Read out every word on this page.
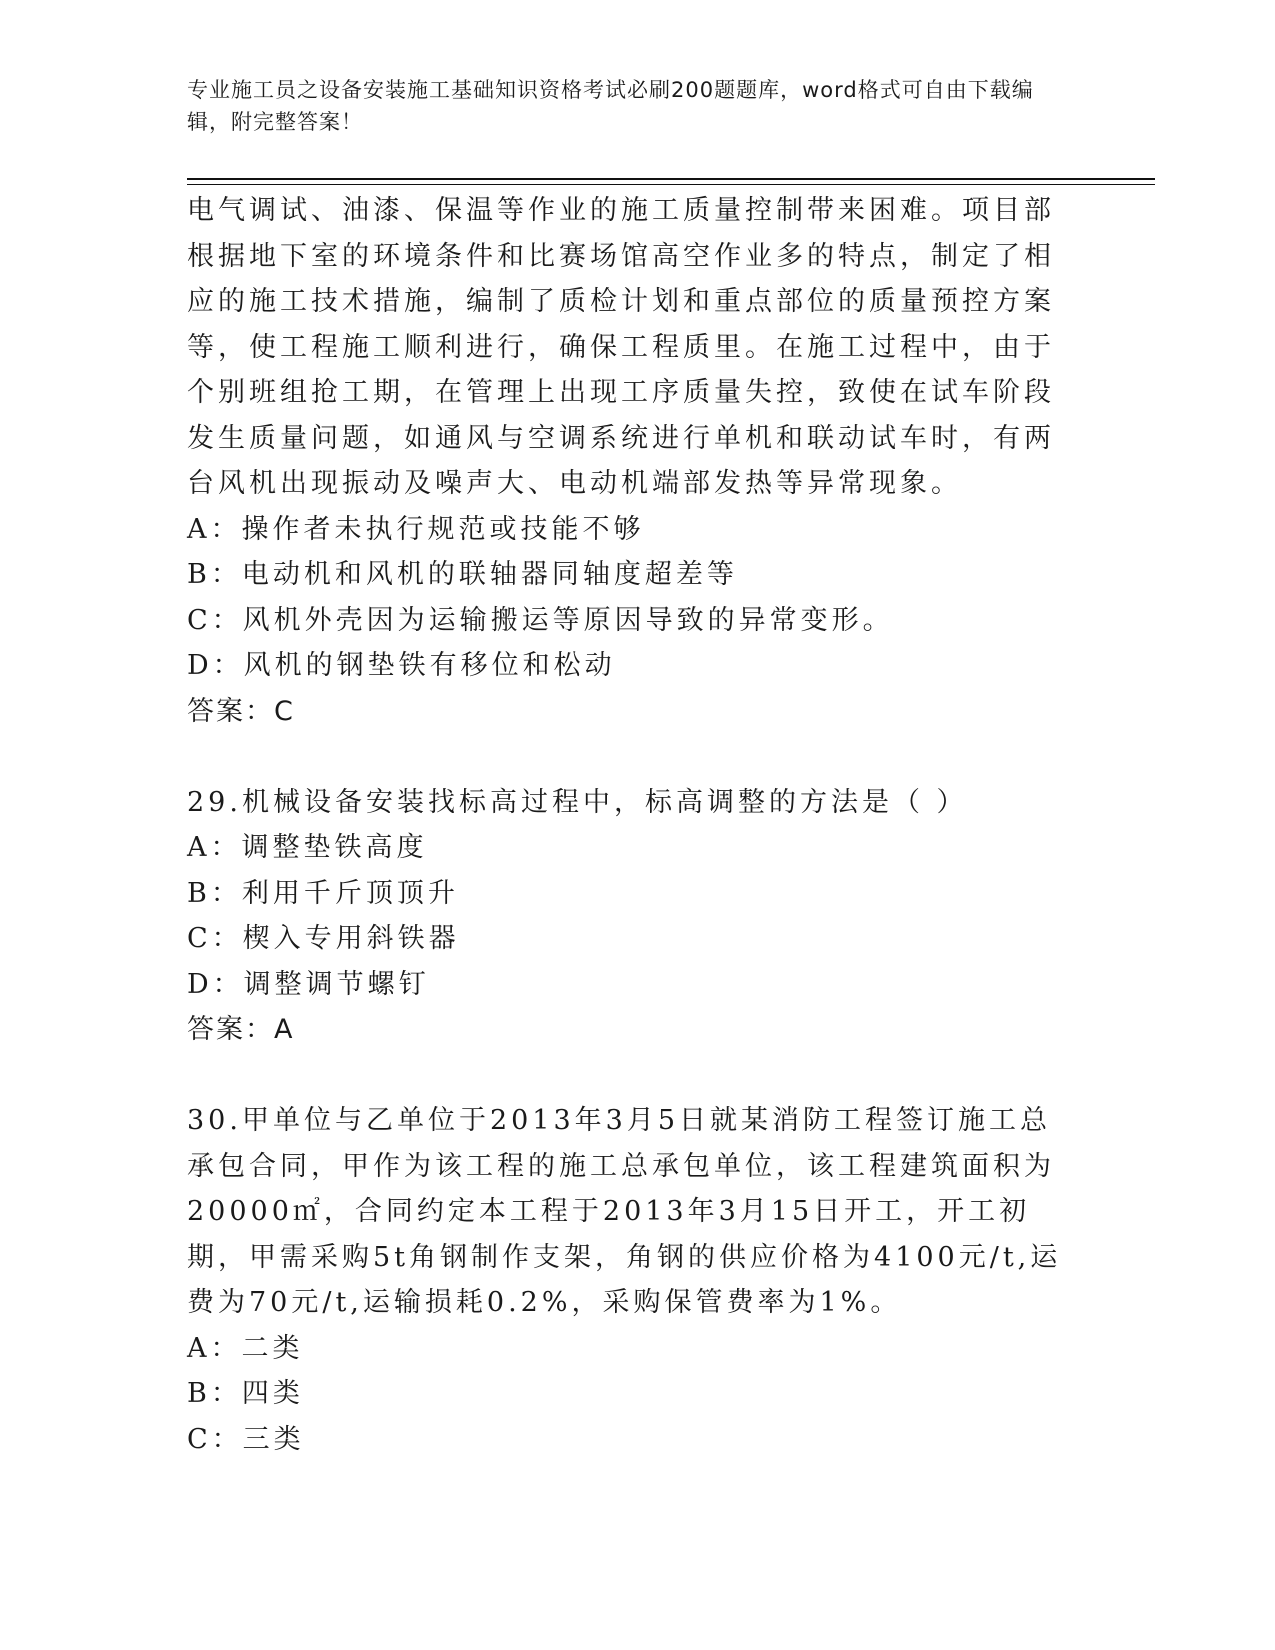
专业施工员之设备安装施工基础知识资格考试必刷200题题库，word格式可自由下载编辑，附完整答案！

电气调试、油漆、保温等作业的施工质量控制带来困难。项目部根据地下室的环境条件和比赛场馆高空作业多的特点，制定了相应的施工技术措施，编制了质检计划和重点部位的质量预控方案等，使工程施工顺利进行，确保工程质里。在施工过程中，由于个别班组抢工期，在管理上出现工序质量失控，致使在试车阶段发生质量问题，如通风与空调系统进行单机和联动试车时，有两台风机出现振动及噪声大、电动机端部发热等异常现象。

A：操作者未执行规范或技能不够

B：电动机和风机的联轴器同轴度超差等

C：风机外壳因为运输搬运等原因导致的异常变形。

D：风机的钢垫铁有移位和松动

答案：C

29.机械设备安装找标高过程中，标高调整的方法是（ ）

A：调整垫铁高度

B：利用千斤顶顶升

C：楔入专用斜铁器

D：调整调节螺钉

答案：A

30.甲单位与乙单位于2013年3月5日就某消防工程签订施工总承包合同，甲作为该工程的施工总承包单位，该工程建筑面积为20000㎡，合同约定本工程于2013年3月15日开工，开工初期，甲需采购5t角钢制作支架，角钢的供应价格为4100元/t,运费为70元/t,运输损耗0.2%，采购保管费率为1%。

A：二类

B：四类

C：三类
